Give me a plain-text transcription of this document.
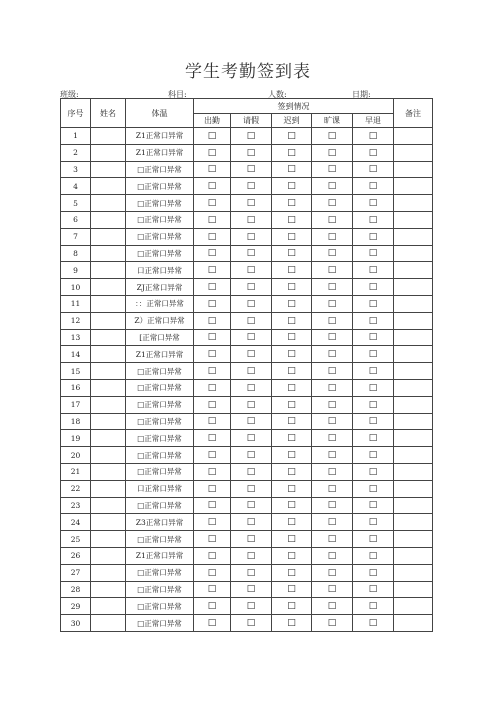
学生考勤签到表
班级:	科目:	人数:	日期:
序号	姓名	体温	签到情况					备注
			出勤	请假	迟到	旷课	早退	
1		Z1正常口异常	□	□	□	□	□	
2		Z1正常口异常	□	□	□	□	□	
3		□正常口异常	□	□	□	□	□	
4		□正常口异常	□	□	□	□	□	
5		□正常口异常	□	□	□	□	□	
6		□正常口异常	□	□	□	□	□	
7		□正常口异常	□	□	□	□	□	
8		□正常口异常	□	□	□	□	□	
9		口正常口异常	□	□	□	□	□	
10		ZJ正常口异常	□	□	□	□	□	
11		：：正常口异常	□	□	□	□	□	
12		Z）正常口异常	□	□	□	□	□	
13		[正常口异常	□	□	□	□	□	
14		Z1正常口异常	□	□	□	□	□	
15		□正常口异常	□	□	□	□	□	
16		□正常口异常	□	□	□	□	□	
17		□正常口异常	□	□	□	□	□	
18		□正常口异常	□	□	□	□	□	
19		□正常口异常	□	□	□	□	□	
20		□正常口异常	□	□	□	□	□	
21		□正常口异常	□	□	□	□	□	
22		口正常口异常	□	□	□	□	□	
23		□正常口异常	□	□	□	□	□	
24		Z3正常口异常	□	□	□	□	□	
25		□正常口异常	□	□	□	□	□	
26		Z1正常口异常	□	□	□	□	□	
27		□正常口异常	□	□	□	□	□	
28		□正常口异常	□	□	□	□	□	
29		□正常口异常	□	□	□	□	□	
30		□正常口异常	□	□	□	□	□	
